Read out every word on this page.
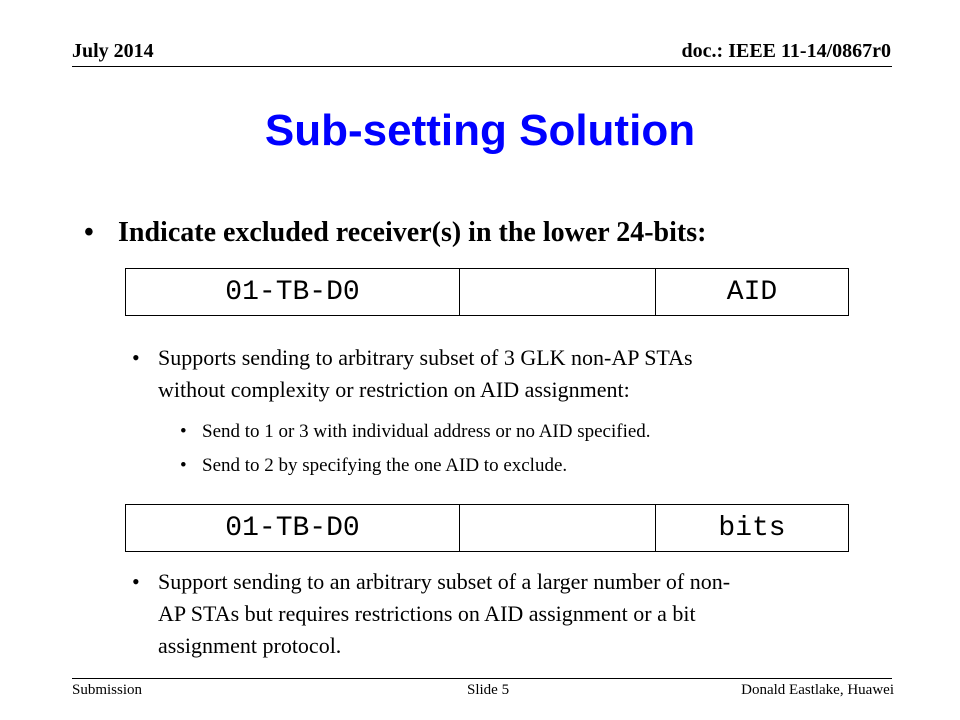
July 2014	doc.: IEEE 11-14/0867r0
Sub-setting Solution
• Indicate excluded receiver(s) in the lower 24-bits:
01-TB-D0	AID
• Supports sending to arbitrary subset of 3 GLK non-AP STAs
without complexity or restriction on AID assignment:
• Send to 1 or 3 with individual address or no AID specified.
• Send to 2 by specifying the one AID to exclude.
01-TB-D0	bits
• Support sending to an arbitrary subset of a larger number of non-
AP STAs but requires restrictions on AID assignment or a bit
assignment protocol.
Submission	Slide 5	Donald Eastlake, Huawei
